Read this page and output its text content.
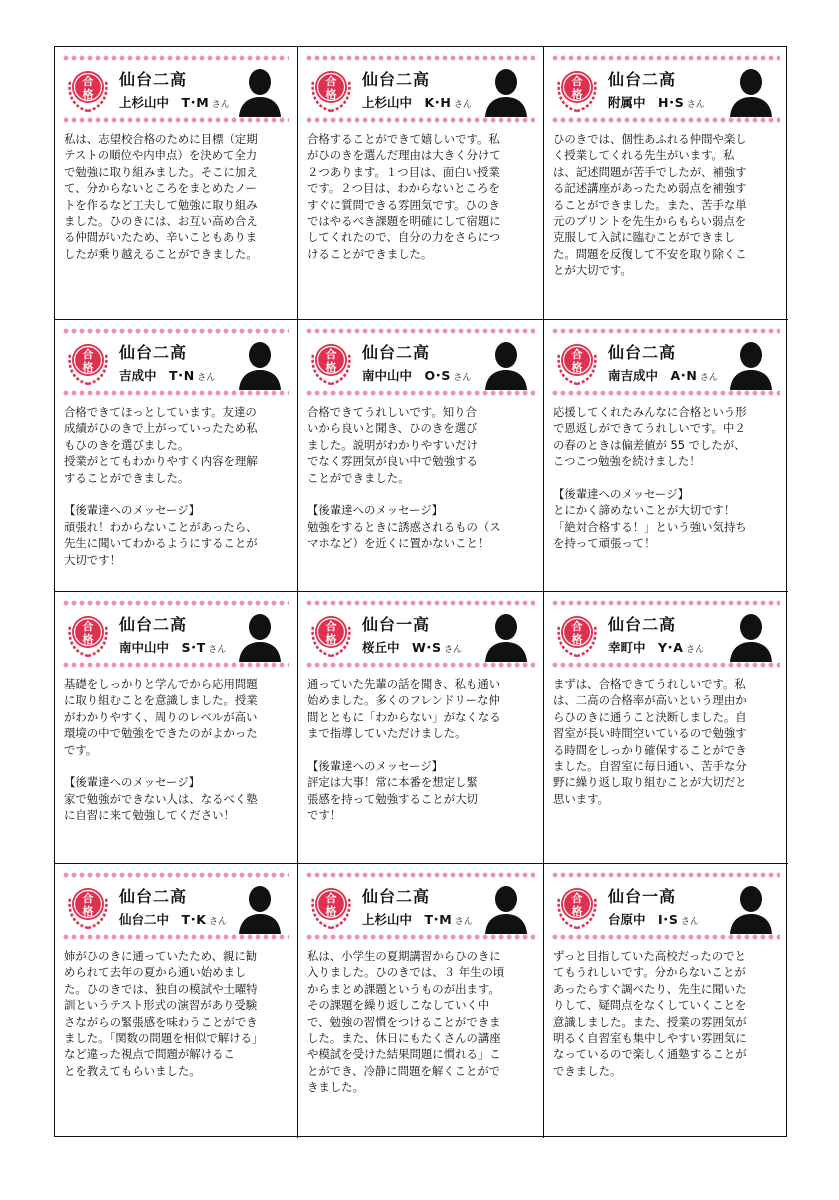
合
格
仙台二高
上杉山中　T･M さん
私は、志望校合格のために目標（定期
テストの順位や内申点）を決めて全力
で勉強に取り組みました。そこに加え
て、分からないところをまとめたノー
トを作るなど工夫して勉強に取り組み
ました。ひのきには、お互い高め合え
る仲間がいたため、辛いこともありま
したが乗り越えることができました。
合
格
仙台二高
上杉山中　K･H さん
合格することができて嬉しいです。私
がひのきを選んだ理由は大きく分けて
２つあります。１つ目は、面白い授業
です。２つ目は、わからないところを
すぐに質問できる雰囲気です。ひのき
ではやるべき課題を明確にして宿題に
してくれたので、自分の力をさらにつ
けることができました。
合
格
仙台二高
附属中　H･S さん
ひのきでは、個性あふれる仲間や楽し
く授業してくれる先生がいます。私
は、記述問題が苦手でしたが、補強す
る記述講座があったため弱点を補強す
ることができました。また、苦手な単
元のプリントを先生からもらい弱点を
克服して入試に臨むことができまし
た。問題を反復して不安を取り除くこ
とが大切です。
合
格
仙台二高
吉成中　T･N さん
合格できてほっとしています。友達の
成績がひのきで上がっていったため私
もひのきを選びました。
授業がとてもわかりやすく内容を理解
することができました。

【後輩達へのメッセージ】
頑張れ！わからないことがあったら、
先生に聞いてわかるようにすることが
大切です！
合
格
仙台二高
南中山中　O･S さん
合格できてうれしいです。知り合
いから良いと聞き、ひのきを選び
ました。説明がわかりやすいだけ
でなく雰囲気が良い中で勉強する
ことができました。

【後輩達へのメッセージ】
勉強をするときに誘惑されるもの（ス
マホなど）を近くに置かないこと！
合
格
仙台二高
南吉成中　A･N さん
応援してくれたみんなに合格という形
で恩返しができてうれしいです。中２
の春のときは偏差値が 55 でしたが、
こつこつ勉強を続けました！

【後輩達へのメッセージ】
とにかく諦めないことが大切です！
「絶対合格する！」という強い気持ち
を持って頑張って！
合
格
仙台二高
南中山中　S･T さん
基礎をしっかりと学んでから応用問題
に取り組むことを意識しました。授業
がわかりやすく、周りのレベルが高い
環境の中で勉強をできたのがよかった
です。

【後輩達へのメッセージ】
家で勉強ができない人は、なるべく塾
に自習に来て勉強してください！
合
格
仙台一高
桜丘中　W･S さん
通っていた先輩の話を聞き、私も通い
始めました。多くのフレンドリーな仲
間とともに「わからない」がなくなる
まで指導していただけました。

【後輩達へのメッセージ】
評定は大事！常に本番を想定し緊
張感を持って勉強することが大切
です！
合
格
仙台二高
幸町中　Y･A さん
まずは、合格できてうれしいです。私
は、二高の合格率が高いという理由か
らひのきに通うこと決断しました。自
習室が長い時間空いているので勉強す
る時間をしっかり確保することができ
ました。自習室に毎日通い、苦手な分
野に繰り返し取り組むことが大切だと
思います。
合
格
仙台二高
仙台二中　T･K さん
姉がひのきに通っていたため、親に勧
められて去年の夏から通い始めまし
た。ひのきでは、独自の模試や土曜特
訓というテスト形式の演習があり受験
さながらの緊張感を味わうことができ
ました。「関数の問題を相似で解ける」
など違った視点で問題が解けるこ
とを教えてもらいました。
合
格
仙台二高
上杉山中　T･M さん
私は、小学生の夏期講習からひのきに
入りました。ひのきでは、３ 年生の頃
からまとめ課題というものが出ます。
その課題を繰り返しこなしていく中
で、勉強の習慣をつけることができま
した。また、休日にもたくさんの講座
や模試を受けた結果問題に慣れる」こ
とができ、冷静に問題を解くことがで
きました。
合
格
仙台一高
台原中　I･S さん
ずっと目指していた高校だったのでと
てもうれしいです。分からないことが
あったらすぐ調べたり、先生に聞いた
りして、疑問点をなくしていくことを
意識しました。また、授業の雰囲気が
明るく自習室も集中しやすい雰囲気に
なっているので楽しく通塾することが
できました。
